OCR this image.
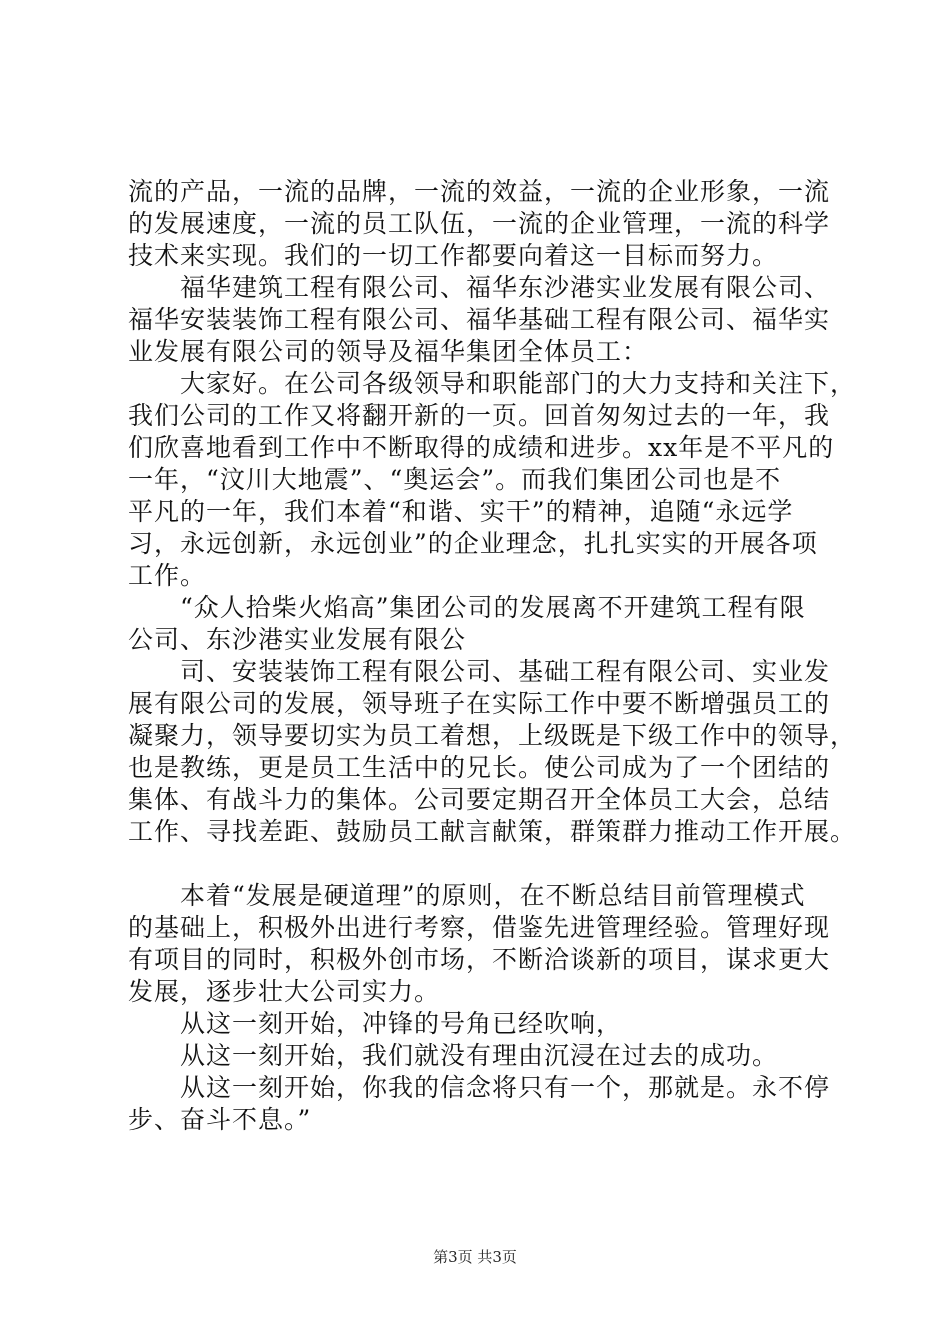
流的产品，一流的品牌，一流的效益，一流的企业形象，一流
的发展速度，一流的员工队伍，一流的企业管理，一流的科学
技术来实现。我们的一切工作都要向着这一目标而努力。
福华建筑工程有限公司、福华东沙港实业发展有限公司、
福华安装装饰工程有限公司、福华基础工程有限公司、福华实
业发展有限公司的领导及福华集团全体员工：
大家好。在公司各级领导和职能部门的大力支持和关注下，
我们公司的工作又将翻开新的一页。回首匆匆过去的一年，我
们欣喜地看到工作中不断取得的成绩和进步。xx年是不平凡的
一年，“汶川大地震”、“奥运会”。而我们集团公司也是不
平凡的一年，我们本着“和谐、实干”的精神，追随“永远学
习，永远创新，永远创业”的企业理念，扎扎实实的开展各项
工作。
“众人拾柴火焰高”集团公司的发展离不开建筑工程有限
公司、东沙港实业发展有限公
司、安装装饰工程有限公司、基础工程有限公司、实业发
展有限公司的发展，领导班子在实际工作中要不断增强员工的
凝聚力，领导要切实为员工着想，上级既是下级工作中的领导，
也是教练，更是员工生活中的兄长。使公司成为了一个团结的
集体、有战斗力的集体。公司要定期召开全体员工大会，总结
工作、寻找差距、鼓励员工献言献策，群策群力推动工作开展。
本着“发展是硬道理”的原则，在不断总结目前管理模式
的基础上，积极外出进行考察，借鉴先进管理经验。管理好现
有项目的同时，积极外创市场，不断洽谈新的项目，谋求更大
发展，逐步壮大公司实力。
从这一刻开始，冲锋的号角已经吹响，
从这一刻开始，我们就没有理由沉浸在过去的成功。
从这一刻开始，你我的信念将只有一个，那就是。永不停
步、奋斗不息。”
第3页 共3页
